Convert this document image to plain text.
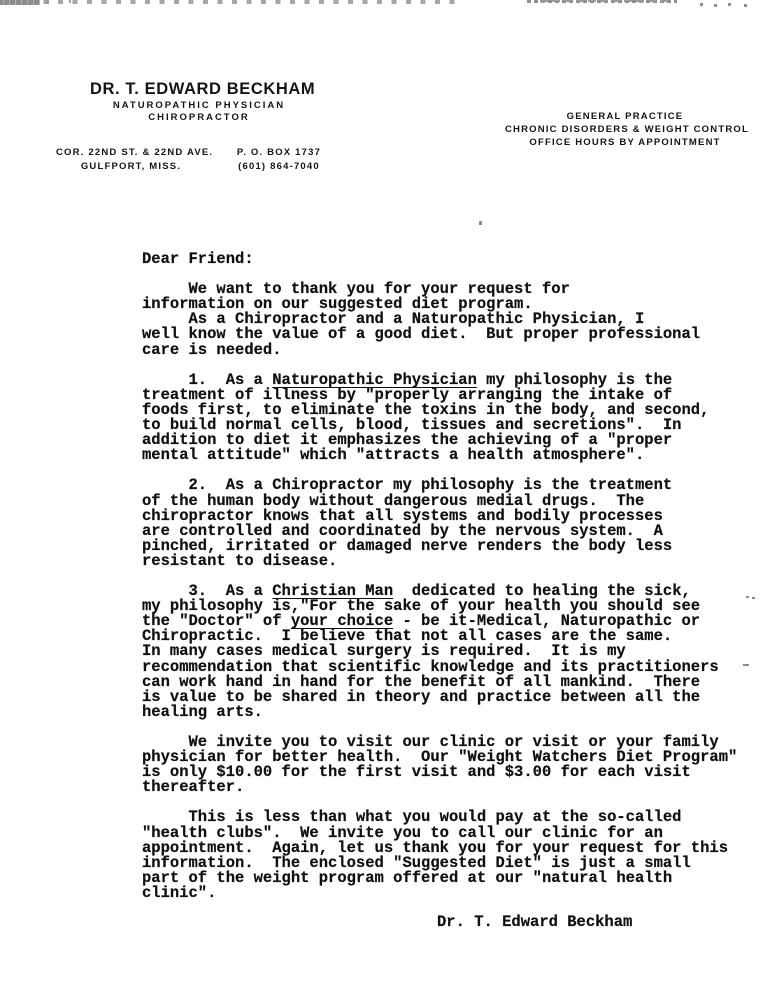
DR. T. EDWARD BECKHAM
NATUROPATHIC PHYSICIAN
CHIROPRACTOR
COR. 22ND ST. & 22ND AVE.
GULFPORT, MISS.
P. O. BOX 1737
(601) 864-7040
GENERAL PRACTICE
CHRONIC DISORDERS & WEIGHT CONTROL
OFFICE HOURS BY APPOINTMENT
Dear Friend:
We want to thank you for your request for
information on our suggested diet program.
As a Chiropractor and a Naturopathic Physician, I
well know the value of a good diet.  But proper professional
care is needed.
1.  As a Naturopathic Physician my philosophy is the
treatment of illness by "properly arranging the intake of
foods first, to eliminate the toxins in the body, and second,
to build normal cells, blood, tissues and secretions".  In
addition to diet it emphasizes the achieving of a "proper
mental attitude" which "attracts a health atmosphere".
2.  As a Chiropractor my philosophy is the treatment
of the human body without dangerous medial drugs.  The
chiropractor knows that all systems and bodily processes
are controlled and coordinated by the nervous system.  A
pinched, irritated or damaged nerve renders the body less
resistant to disease.
3.  As a Christian Man  dedicated to healing the sick,
my philosophy is,"For the sake of your health you should see
the "Doctor" of your choice - be it-Medical, Naturopathic or
Chiropractic.  I believe that not all cases are the same.
In many cases medical surgery is required.  It is my
recommendation that scientific knowledge and its practitioners
can work hand in hand for the benefit of all mankind.  There
is value to be shared in theory and practice between all the
healing arts.
We invite you to visit our clinic or visit or your family
physician for better health.  Our "Weight Watchers Diet Program"
is only $10.00 for the first visit and $3.00 for each visit
thereafter.
This is less than what you would pay at the so-called
"health clubs".  We invite you to call our clinic for an
appointment.  Again, let us thank you for your request for this
information.  The enclosed "Suggested Diet" is just a small
part of the weight program offered at our "natural health
clinic".
Dr. T. Edward Beckham
